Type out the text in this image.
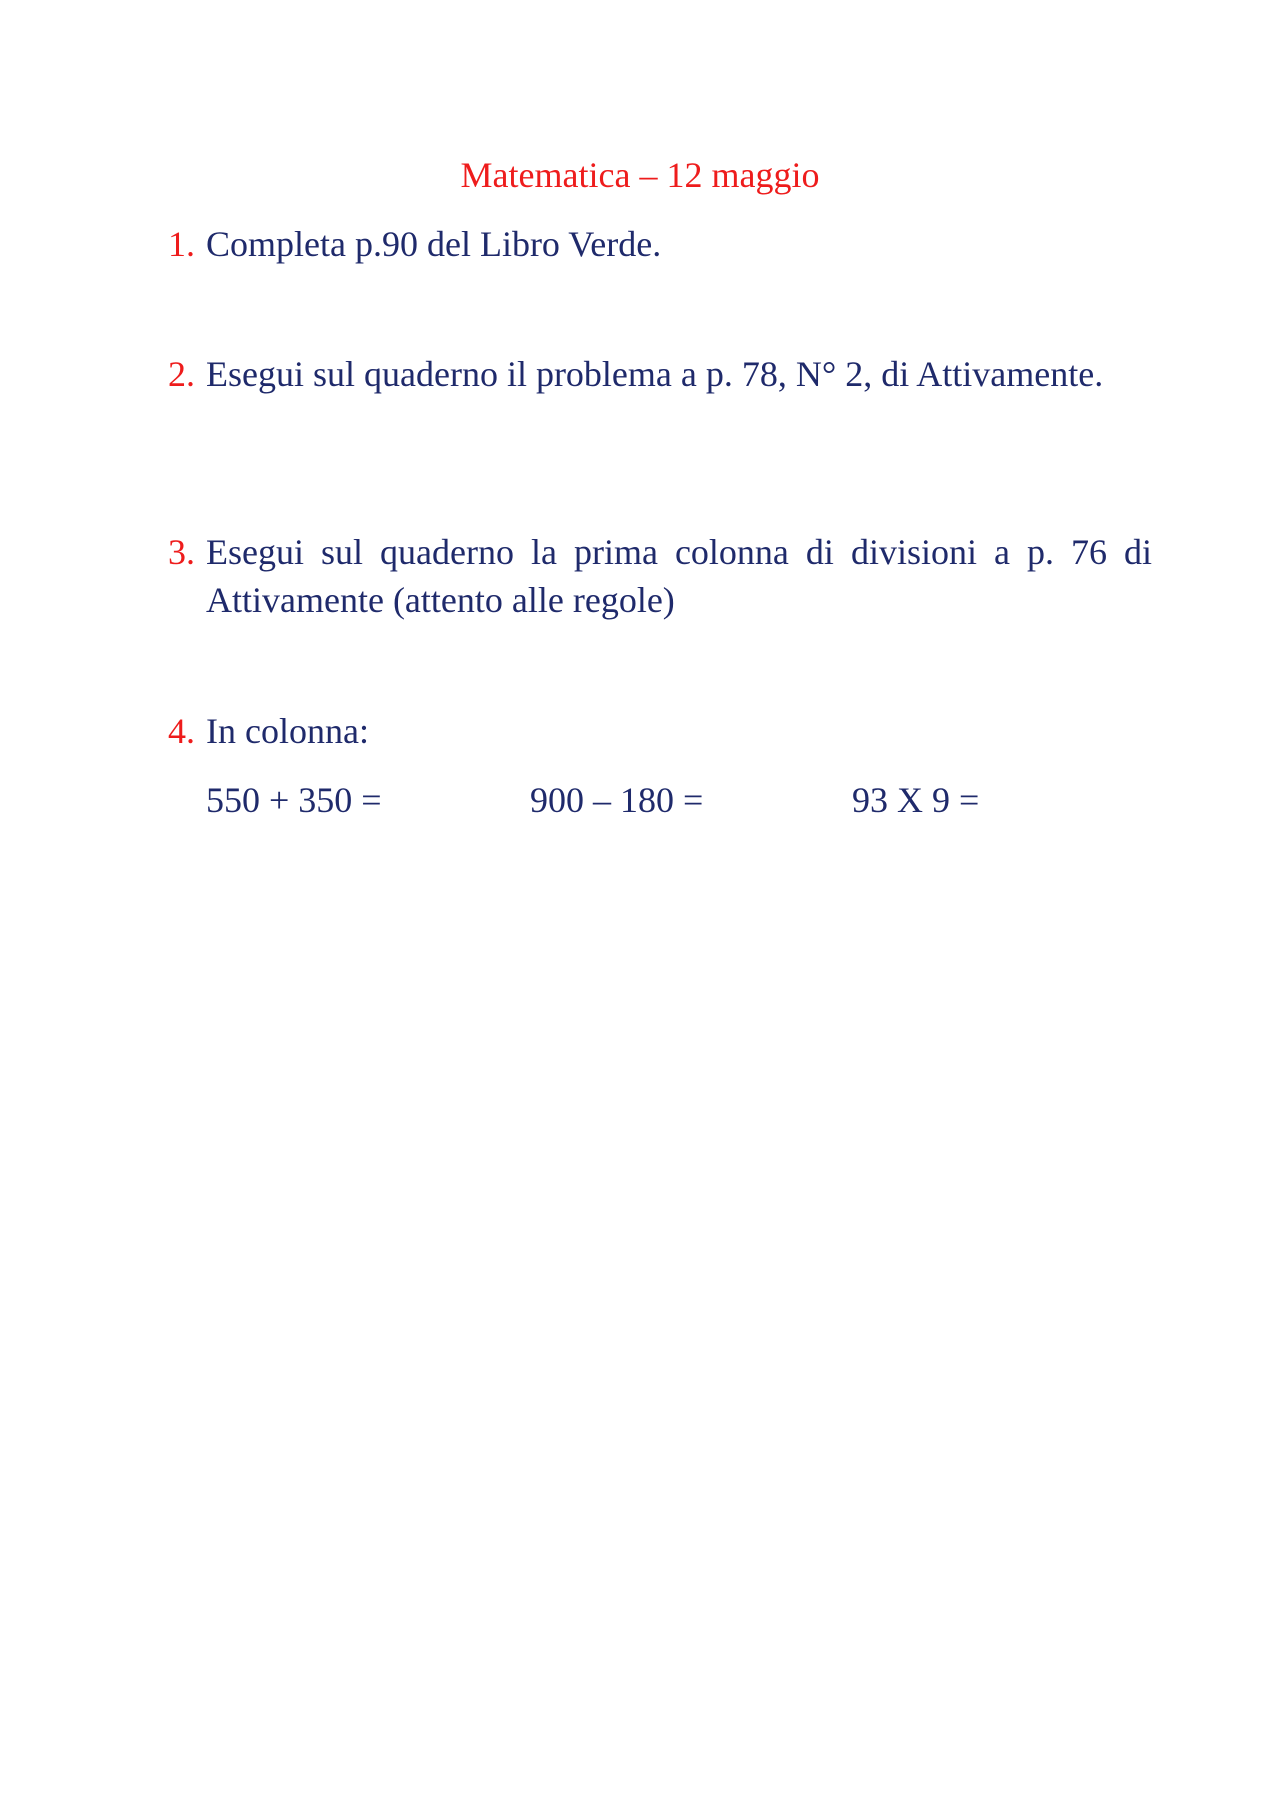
Matematica – 12 maggio
1. Completa p.90 del Libro Verde.
2. Esegui sul quaderno il problema a p. 78, N° 2, di Attivamente.
3. Esegui sul quaderno la prima colonna di divisioni a p. 76 di Attivamente (attento alle regole)
4. In colonna:
550 + 350 =	900 – 180 =	93 X 9 =
